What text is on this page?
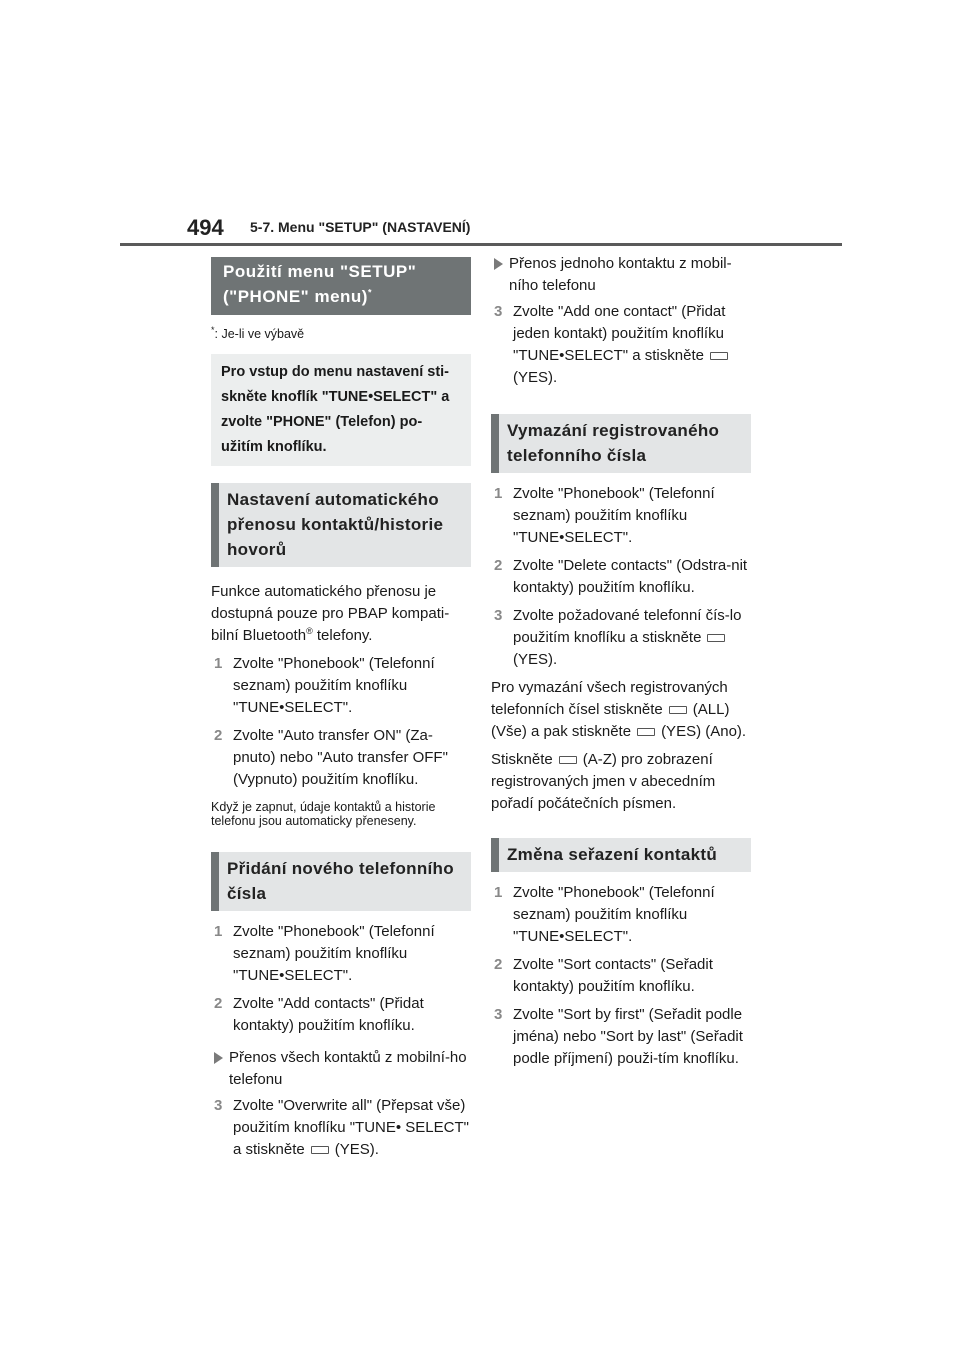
494 5-7. Menu "SETUP" (NASTAVENÍ)
Použití menu "SETUP"
("PHONE" menu)*

*: Je-li ve výbavě

Pro vstup do menu nastavení sti-skněte knoflík "TUNE•SELECT" a zvolte "PHONE" (Telefon) po-užitím knoflíku.
Nastavení automatického přenosu kontaktů/historie hovorů

Funkce automatického přenosu je dostupná pouze pro PBAP kompati-bilní Bluetooth® telefony.

1 Zvolte "Phonebook" (Telefonní seznam) použitím knoflíku "TUNE•SELECT".

2 Zvolte "Auto transfer ON" (Za-pnuto) nebo "Auto transfer OFF" (Vypnuto) použitím knoflíku.

Když je zapnut, údaje kontaktů a historie telefonu jsou automaticky přeneseny.

Přidání nového telefonního čísla

1 Zvolte "Phonebook" (Telefonní seznam) použitím knoflíku "TUNE•SELECT".

2 Zvolte "Add contacts" (Přidat kontakty) použitím knoflíku.

Přenos všech kontaktů z mobilní-ho telefonu

3 Zvolte "Overwrite all" (Přepsat vše) použitím knoflíku "TUNE• SELECT" a stiskněte (YES).

Přenos jednoho kontaktu z mobil-ního telefonu

3 Zvolte "Add one contact" (Přidat jeden kontakt) použitím knoflíku "TUNE•SELECT" a stiskněte(YES).

Vymazání registrovaného telefonního čísla

1 Zvolte "Phonebook" (Telefonní seznam) použitím knoflíku "TUNE•SELECT".

2 Zvolte "Delete contacts" (Odstra-nit kontakty) použitím knoflíku.

3 Zvolte požadované telefonní čís-lo použitím knoflíku a stiskněte(YES).

Pro vymazání všech registrovaných telefonních čísel stiskněte (ALL) (Vše) a pak stiskněte (YES) (Ano).

Stiskněte (A-Z) pro zobrazení registrovaných jmen v abecedním pořadí počátečních písmen.

Změna seřazení kontaktů

1 Zvolte "Phonebook" (Telefonní seznam) použitím knoflíku "TUNE•SELECT".

2 Zvolte "Sort contacts" (Seřadit kontakty) použitím knoflíku.

3 Zvolte "Sort by first" (Seřadit podle jména) nebo "Sort by last" (Seřadit podle příjmení) použi-tím knoflíku.
